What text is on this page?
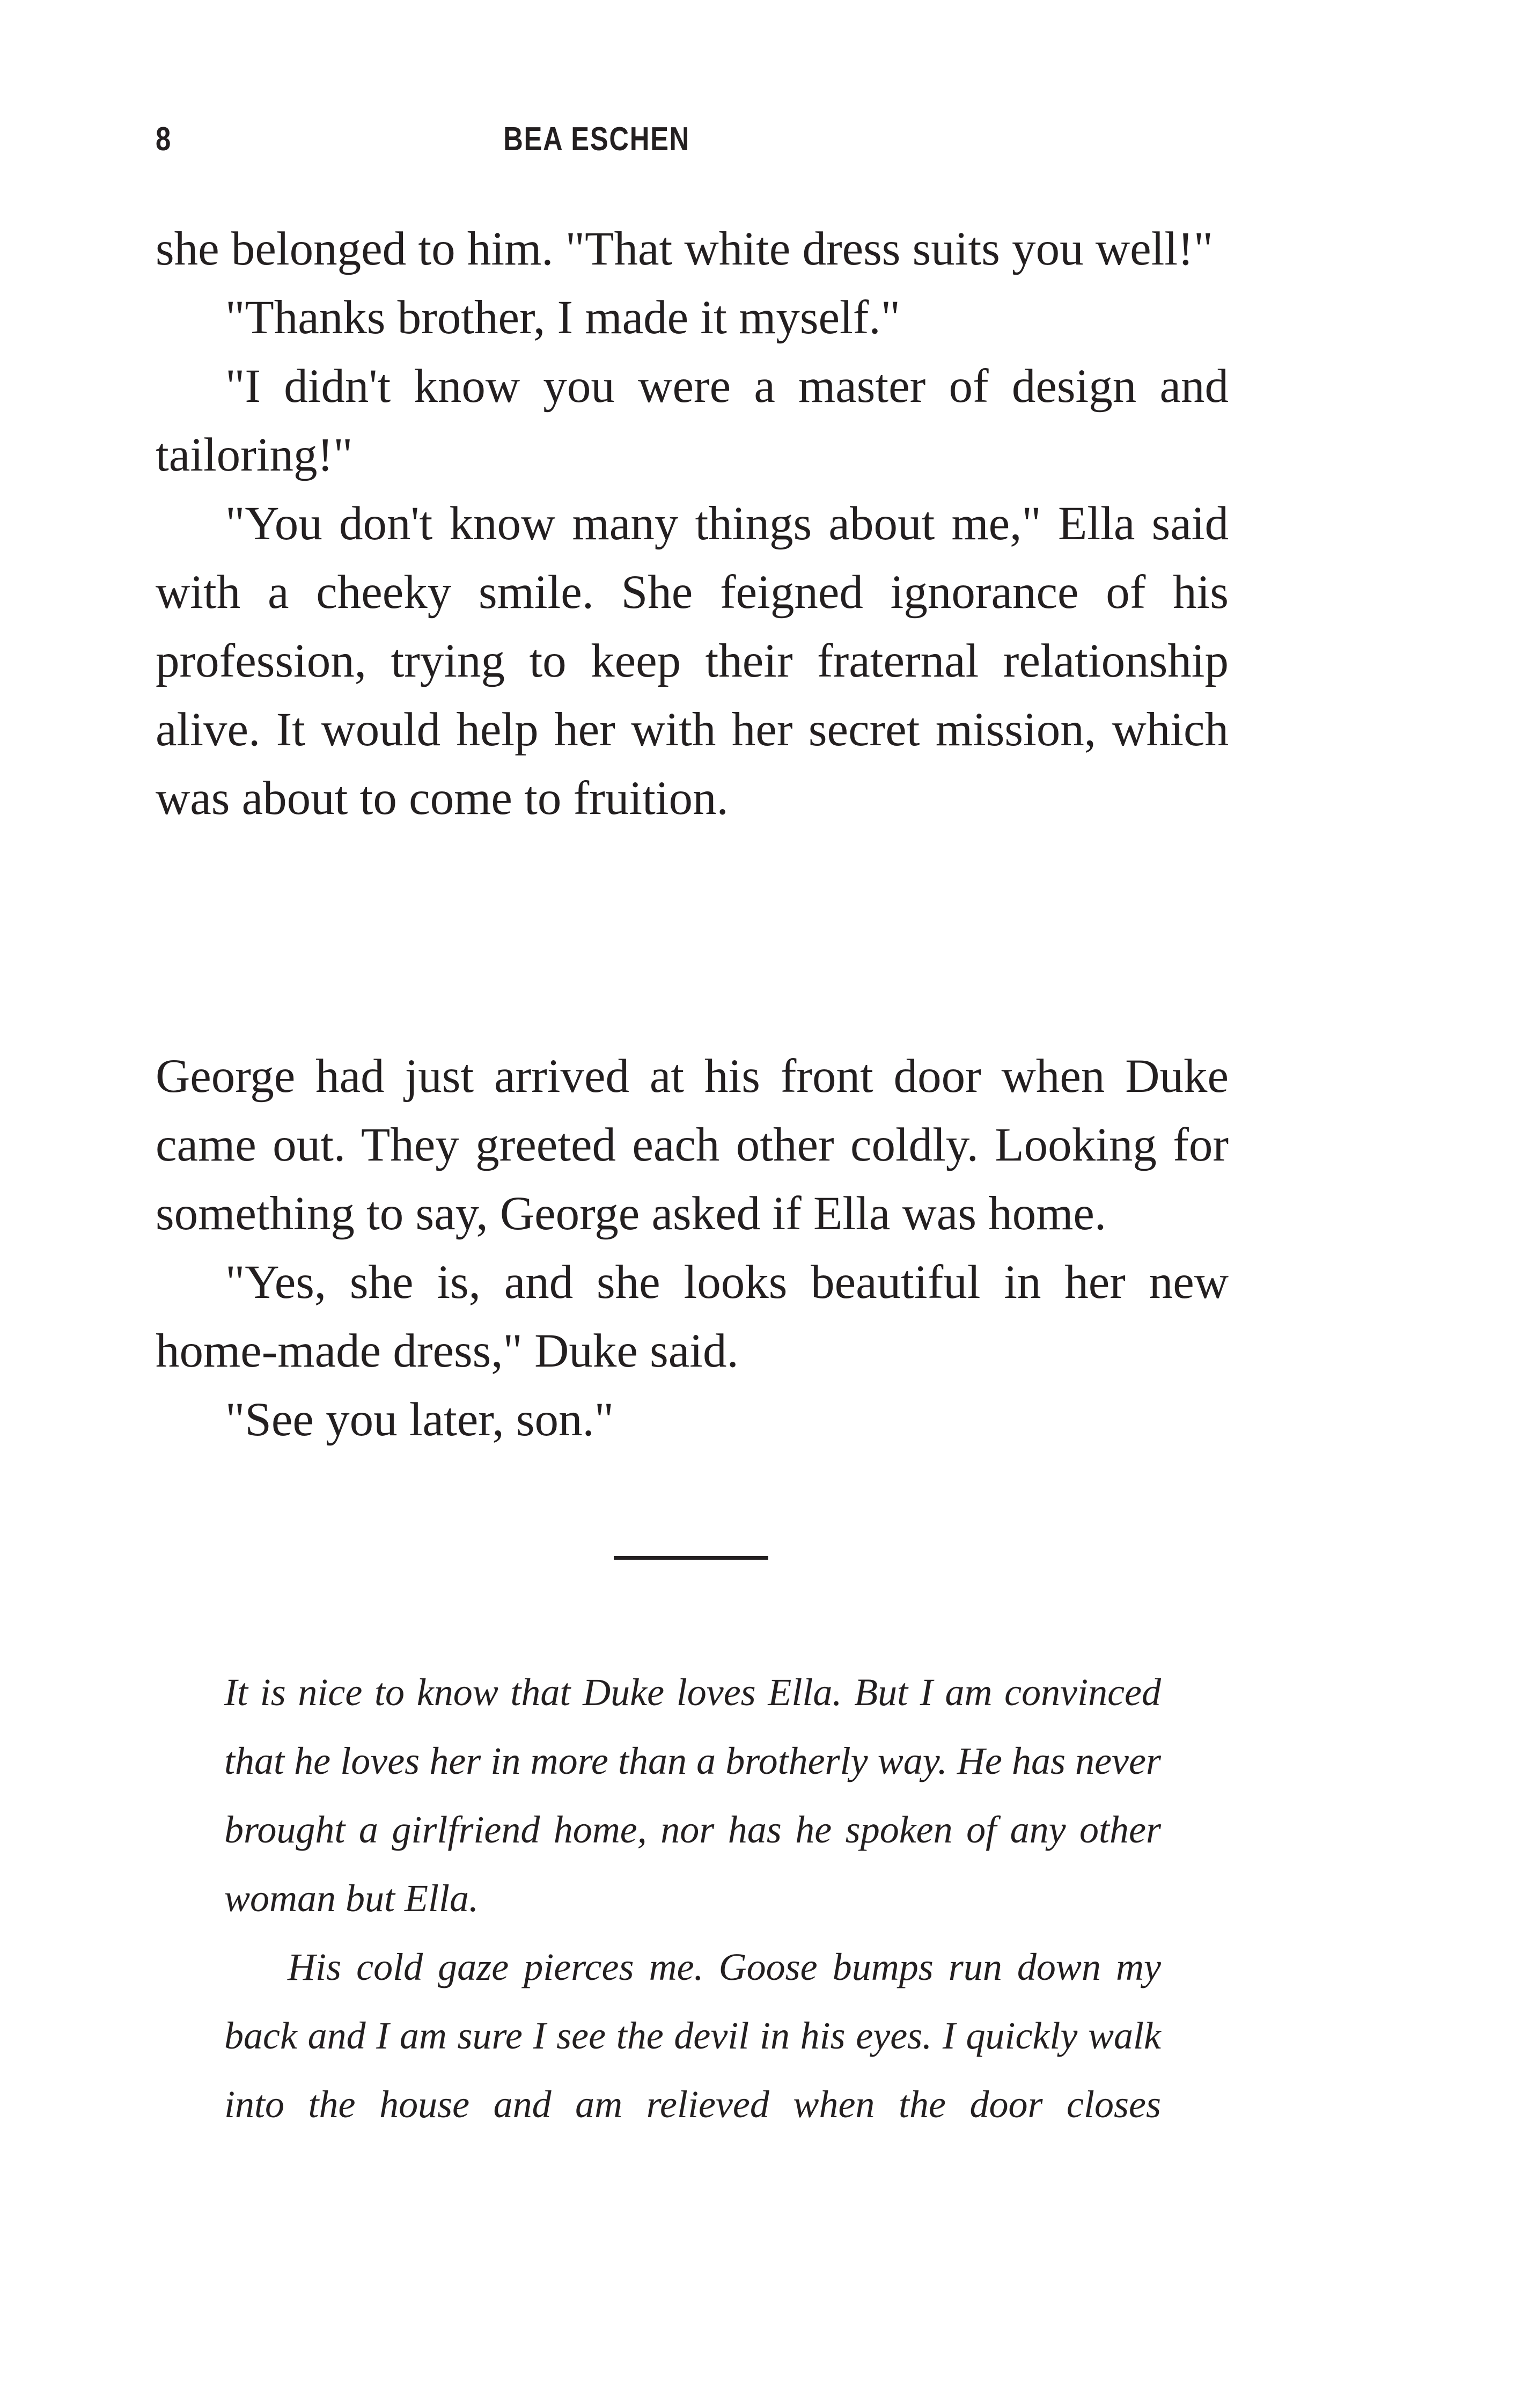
8	BEA ESCHEN

she belonged to him. "That white dress suits you well!"

"Thanks brother, I made it myself."

"I didn't know you were a master of design and tailoring!"

"You don't know many things about me," Ella said with a cheeky smile. She feigned ignorance of his profession, trying to keep their fraternal relationship alive. It would help her with her secret mission, which was about to come to fruition.

George had just arrived at his front door when Duke came out. They greeted each other coldly. Looking for something to say, George asked if Ella was home.

"Yes, she is, and she looks beautiful in her new home-made dress," Duke said.

"See you later, son."

It is nice to know that Duke loves Ella. But I am convinced that he loves her in more than a brotherly way. He has never brought a girlfriend home, nor has he spoken of any other woman but Ella.

His cold gaze pierces me. Goose bumps run down my back and I am sure I see the devil in his eyes. I quickly walk into the house and am relieved when the door closes
